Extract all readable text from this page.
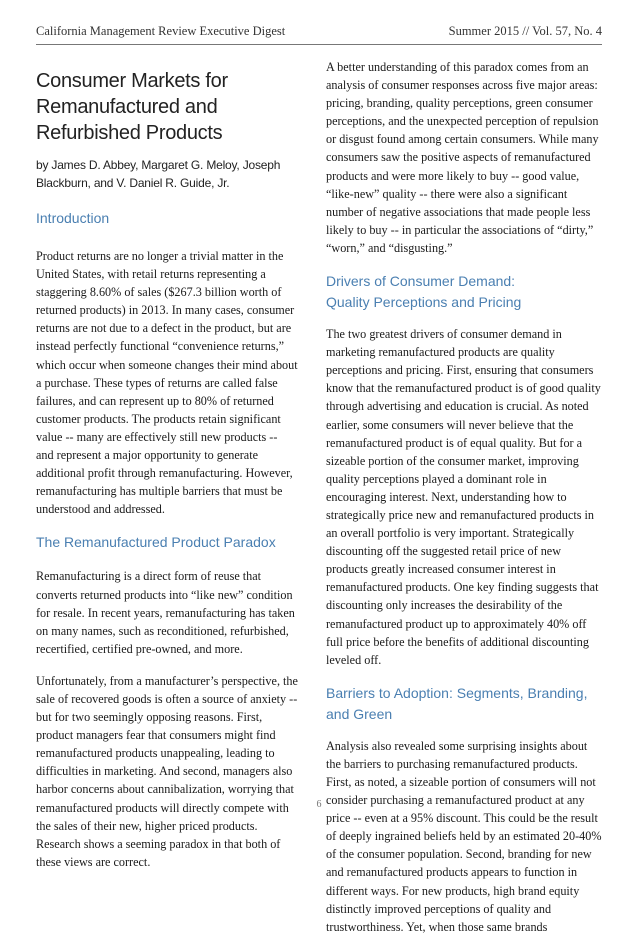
California Management Review Executive Digest	Summer 2015 // Vol. 57, No. 4
Consumer Markets for
Remanufactured and
Refurbished Products
by James D. Abbey, Margaret G. Meloy, Joseph
Blackburn, and V. Daniel R. Guide, Jr.
Introduction

Product returns are no longer a trivial matter in the United States, with retail returns representing a staggering 8.60% of sales ($267.3 billion worth of returned products) in 2013. In many cases, consumer returns are not due to a defect in the product, but are instead perfectly functional “convenience returns,” which occur when someone changes their mind about a purchase. These types of returns are called false failures, and can represent up to 80% of returned customer products. The products retain significant value -- many are effectively still new products -- and represent a major opportunity to generate additional profit through remanufacturing. However, remanufacturing has multiple barriers that must be understood and addressed.

The Remanufactured Product Paradox

Remanufacturing is a direct form of reuse that converts returned products into “like new” condition for resale. In recent years, remanufacturing has taken on many names, such as reconditioned, refurbished, recertified, certified pre-owned, and more.

Unfortunately, from a manufacturer’s perspective, the sale of recovered goods is often a source of anxiety -- but for two seemingly opposing reasons. First, product managers fear that consumers might find remanufactured products unappealing, leading to difficulties in marketing. And second, managers also harbor concerns about cannibalization, worrying that remanufactured products will directly compete with the sales of their new, higher priced products. Research shows a seeming paradox in that both of these views are correct.

A better understanding of this paradox comes from an analysis of consumer responses across five major areas: pricing, branding, quality perceptions, green consumer perceptions, and the unexpected perception of repulsion or disgust found among certain consumers. While many consumers saw the positive aspects of remanufactured products and were more likely to buy -- good value, “like-new” quality -- there were also a significant number of negative associations that made people less likely to buy -- in particular the associations of “dirty,” “worn,” and “disgusting.”

Drivers of Consumer Demand:
Quality Perceptions and Pricing

The two greatest drivers of consumer demand in marketing remanufactured products are quality perceptions and pricing. First, ensuring that consumers know that the remanufactured product is of good quality through advertising and education is crucial. As noted earlier, some consumers will never believe that the remanufactured product is of equal quality. But for a sizeable portion of the consumer market, improving quality perceptions played a dominant role in encouraging interest. Next, understanding how to strategically price new and remanufactured products in an overall portfolio is very important. Strategically discounting off the suggested retail price of new products greatly increased consumer interest in remanufactured products. One key finding suggests that discounting only increases the desirability of the remanufactured product up to approximately 40% off full price before the benefits of additional discounting leveled off.

Barriers to Adoption: Segments, Branding,
and Green

Analysis also revealed some surprising insights about the barriers to purchasing remanufactured products. First, as noted, a sizeable portion of consumers will not consider purchasing a remanufactured product at any price -- even at a 95% discount. This could be the result of deeply ingrained beliefs held by an estimated 20-40% of the consumer population. Second, branding for new and remanufactured products appears to function in different ways. For new products, high brand equity distinctly improved perceptions of quality and trustworthiness. Yet, when those same brands

6
